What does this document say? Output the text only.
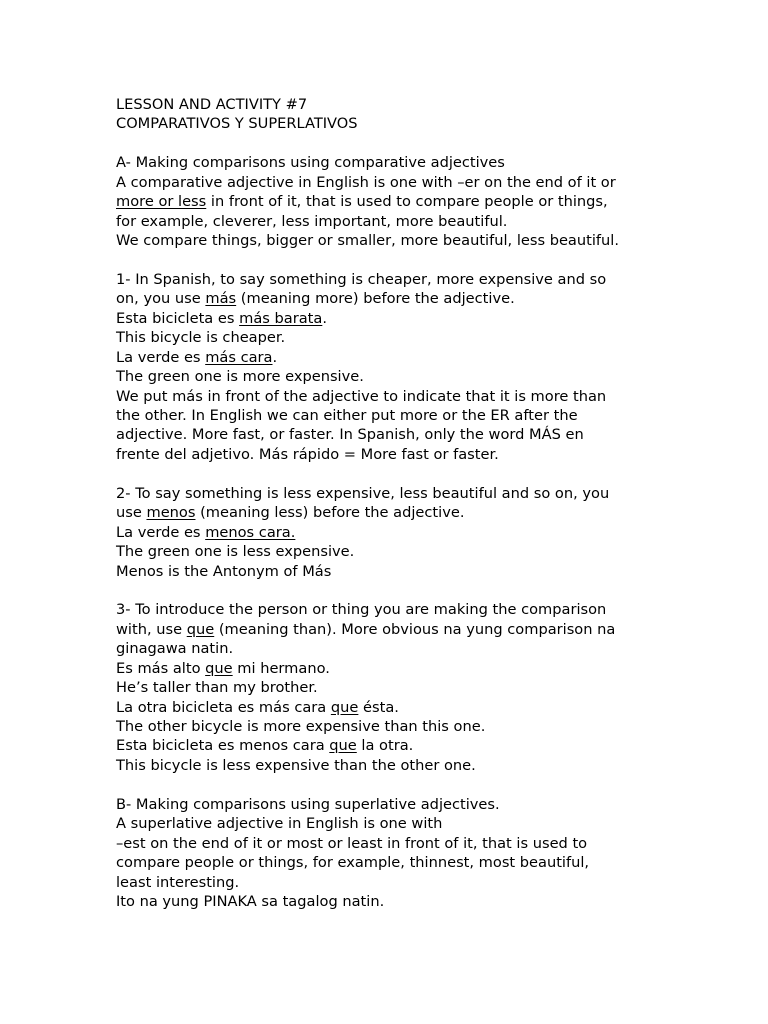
LESSON AND ACTIVITY #7
COMPARATIVOS Y SUPERLATIVOS
A- Making comparisons using comparative adjectives
A comparative adjective in English is one with –er on the end of it or
more or less in front of it, that is used to compare people or things,
for example, cleverer, less important, more beautiful.
We compare things, bigger or smaller, more beautiful, less beautiful.
1- In Spanish, to say something is cheaper, more expensive and so
on, you use más (meaning more) before the adjective.
Esta bicicleta es más barata.
This bicycle is cheaper.
La verde es más cara.
The green one is more expensive.
We put más in front of the adjective to indicate that it is more than
the other. In English we can either put more or the ER after the
adjective. More fast, or faster. In Spanish, only the word MÁS en
frente del adjetivo. Más rápido = More fast or faster.
2- To say something is less expensive, less beautiful and so on, you
use menos (meaning less) before the adjective.
La verde es menos cara.
The green one is less expensive.
Menos is the Antonym of Más
3- To introduce the person or thing you are making the comparison
with, use que (meaning than). More obvious na yung comparison na
ginagawa natin.
Es más alto que mi hermano.
He’s taller than my brother.
La otra bicicleta es más cara que ésta.
The other bicycle is more expensive than this one.
Esta bicicleta es menos cara que la otra.
This bicycle is less expensive than the other one.
B- Making comparisons using superlative adjectives.
A superlative adjective in English is one with
–est on the end of it or most or least in front of it, that is used to
compare people or things, for example, thinnest, most beautiful,
least interesting.
Ito na yung PINAKA sa tagalog natin.
